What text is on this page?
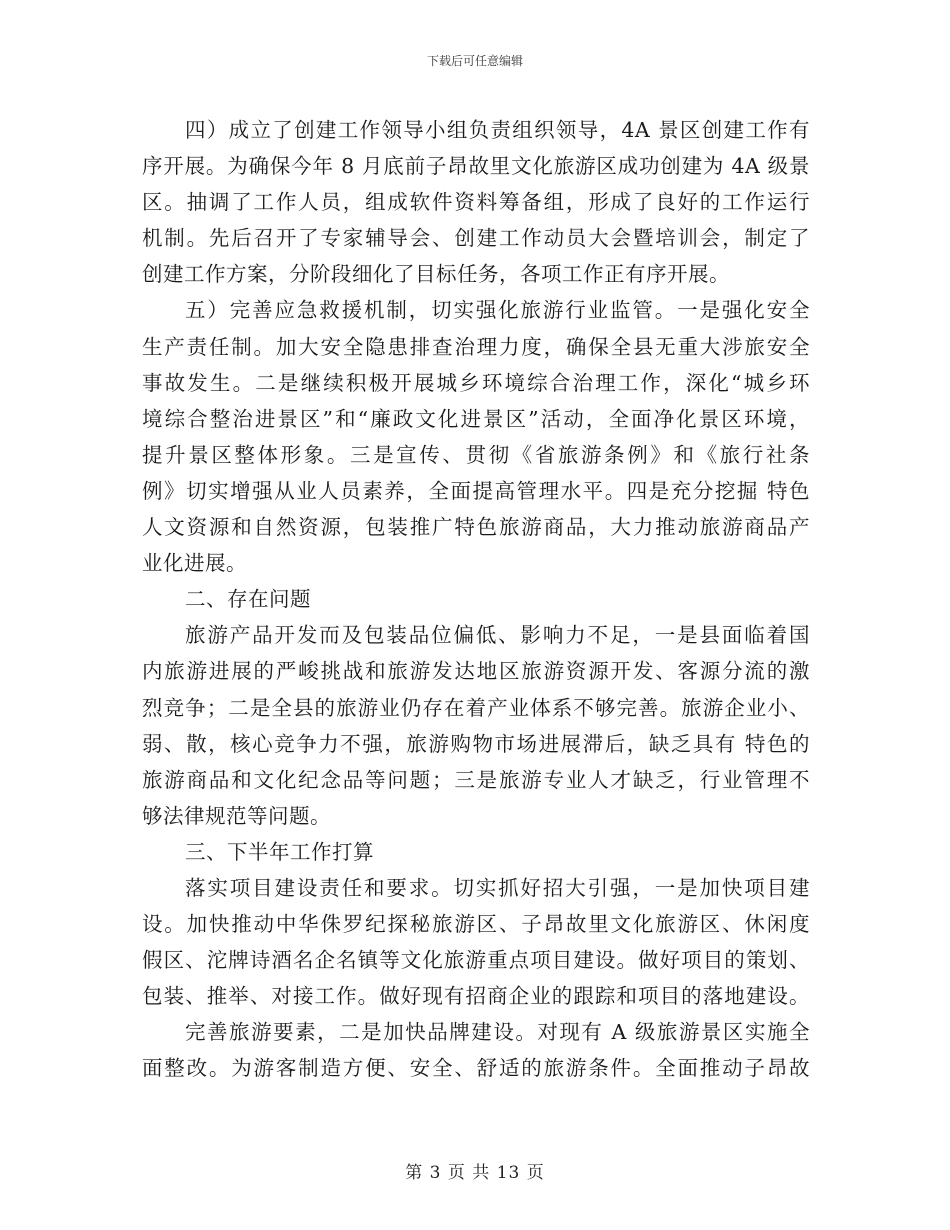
下载后可任意编辑
四）成立了创建工作领导小组负责组织领导，4A 景区创建工作有
序开展。为确保今年 8 月底前子昂故里文化旅游区成功创建为 4A 级景
区。抽调了工作人员，组成软件资料筹备组，形成了良好的工作运行
机制。先后召开了专家辅导会、创建工作动员大会暨培训会，制定了
创建工作方案，分阶段细化了目标任务，各项工作正有序开展。
五）完善应急救援机制，切实强化旅游行业监管。一是强化安全
生产责任制。加大安全隐患排查治理力度，确保全县无重大涉旅安全
事故发生。二是继续积极开展城乡环境综合治理工作，深化“城乡环
境综合整治进景区”和“廉政文化进景区”活动，全面净化景区环境，
提升景区整体形象。三是宣传、贯彻《省旅游条例》和《旅行社条
例》切实增强从业人员素养，全面提高管理水平。四是充分挖掘 特色
人文资源和自然资源，包装推广特色旅游商品，大力推动旅游商品产
业化进展。
二、存在问题
旅游产品开发而及包装品位偏低、影响力不足，一是县面临着国
内旅游进展的严峻挑战和旅游发达地区旅游资源开发、客源分流的激
烈竞争；二是全县的旅游业仍存在着产业体系不够完善。旅游企业小、
弱、散，核心竞争力不强，旅游购物市场进展滞后，缺乏具有 特色的
旅游商品和文化纪念品等问题；三是旅游专业人才缺乏，行业管理不
够法律规范等问题。
三、下半年工作打算
落实项目建设责任和要求。切实抓好招大引强，一是加快项目建
设。加快推动中华侏罗纪探秘旅游区、子昂故里文化旅游区、休闲度
假区、沱牌诗酒名企名镇等文化旅游重点项目建设。做好项目的策划、
包装、推举、对接工作。做好现有招商企业的跟踪和项目的落地建设。
完善旅游要素，二是加快品牌建设。对现有 A 级旅游景区实施全
面整改。为游客制造方便、安全、舒适的旅游条件。全面推动子昂故
第 3 页 共 13 页
